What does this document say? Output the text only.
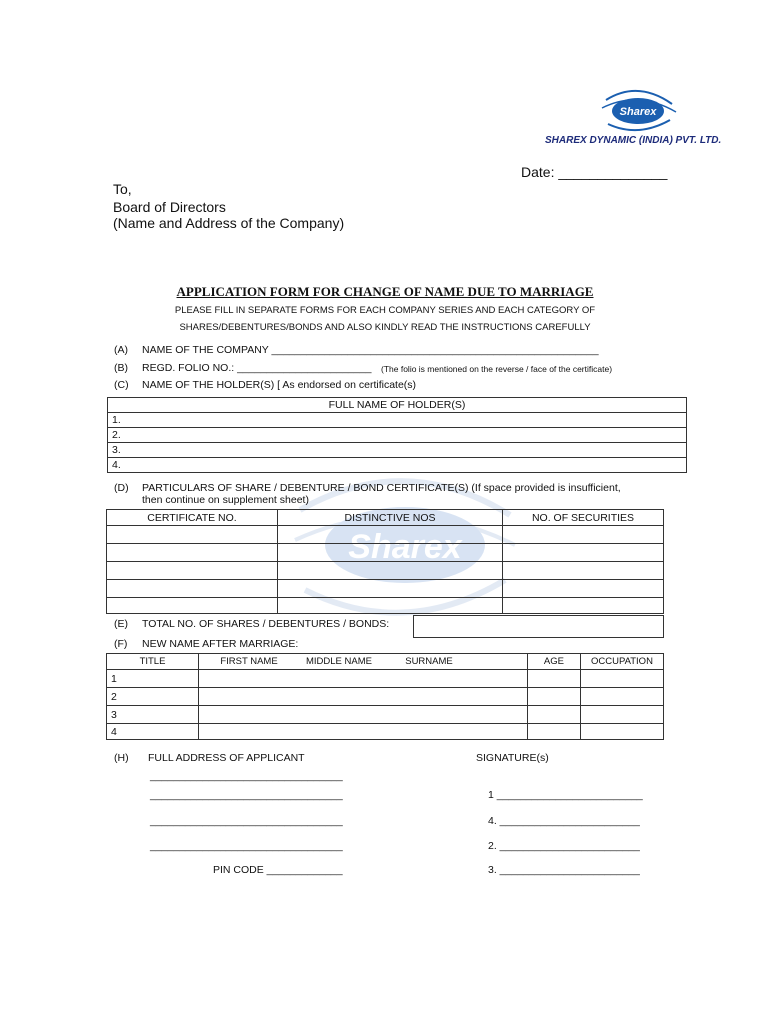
Sharex
SHAREX DYNAMIC (INDIA) PVT. LTD.
Date: ______________
To,
Board of Directors
(Name and Address of the Company)
APPLICATION FORM FOR CHANGE OF NAME DUE TO MARRIAGE
PLEASE FILL IN SEPARATE FORMS FOR EACH COMPANY SERIES AND EACH CATEGORY OF
SHARES/DEBENTURES/BONDS AND ALSO KINDLY READ THE INSTRUCTIONS CAREFULLY
Sharex
(A) NAME OF THE COMPANY ________________________________________________________
(B) REGD. FOLIO NO.: _______________________ (The folio is mentioned on the reverse / face of the certificate)
(C) NAME OF THE HOLDER(S) [ As endorsed on certificate(s)
FULL NAME OF HOLDER(S)
1.
2.
3.
4.
(D) PARTICULARS OF SHARE / DEBENTURE / BOND CERTIFICATE(S) (If space provided is insufficient,
then continue on supplement sheet)
CERTIFICATE NO.	DISTINCTIVE NOS	NO. OF SECURITIES

(E) TOTAL NO. OF SHARES / DEBENTURES / BONDS:
(F) NEW NAME AFTER MARRIAGE:
TITLE	FIRST NAME MIDDLE NAME SURNAME	AGE	OCCUPATION
1			
2			
3			
4			
(H) FULL ADDRESS OF APPLICANT	SIGNATURE(s)
_________________________________
_________________________________
_________________________________
_________________________________
PIN CODE _____________
1 _________________________
4. ________________________
2. ________________________
3. ________________________
